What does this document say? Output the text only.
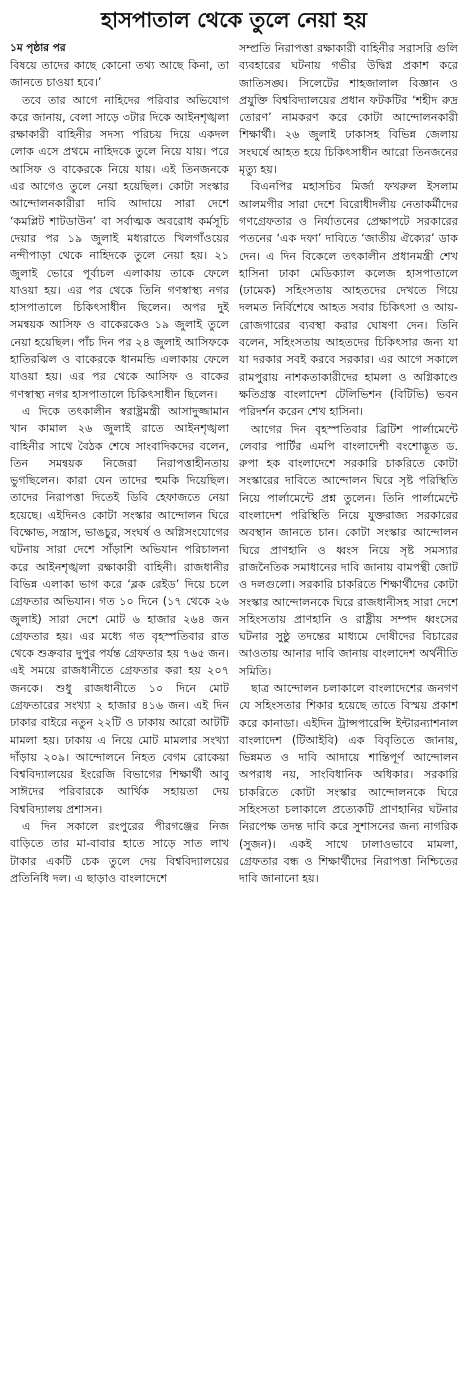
হাসপাতাল থেকে তুলে নেয়া হয়
১ম পৃষ্ঠার পর

বিষয়ে তাদের কাছে কোনো তথ্য আছে কিনা, তা জানতে চাওয়া হবে।’

তবে তার আগে নাহিদের পরিবার অভিযোগ করে জানায়, বেলা সাড়ে ৩টার দিকে আইনশৃঙ্খলা রক্ষাকারী বাহিনীর সদস্য পরিচয় দিয়ে একদল লোক এসে প্রথমে নাহিদকে তুলে নিয়ে যায়। পরে আসিফ ও বাকেরকে নিয়ে যায়। এই তিনজনকে এর আগেও তুলে নেয়া হয়েছিল। কোটা সংস্কার আন্দোলনকারীরা দাবি আদায়ে সারা দেশে ‘কমপ্লিট শাটডাউন’ বা সর্বাত্মক অবরোধ কর্মসূচি দেয়ার পর ১৯ জুলাই মধ্যরাতে খিলগাঁওয়ের নন্দীপাড়া থেকে নাহিদকে তুলে নেয়া হয়। ২১ জুলাই ভোরে পূর্বাচল এলাকায় তাকে ফেলে যাওয়া হয়। এর পর থেকে তিনি গণস্বাস্থ্য নগর হাসপাতালে চিকিৎসাধীন ছিলেন। অপর দুই সমন্বয়ক আসিফ ও বাকেরকেও ১৯ জুলাই তুলে নেয়া হয়েছিল। পাঁচ দিন পর ২৪ জুলাই আসিফকে হাতিরঝিল ও বাকেরকে ধানমন্ডি এলাকায় ফেলে যাওয়া হয়। এর পর থেকে আসিফ ও বাকের গণস্বাস্থ্য নগর হাসপাতালে চিকিৎসাধীন ছিলেন।

এ দিকে তৎকালীন স্বরাষ্ট্রমন্ত্রী আসাদুজ্জামান খান কামাল ২৬ জুলাই রাতে আইনশৃঙ্খলা বাহিনীর সাথে বৈঠক শেষে সাংবাদিকদের বলেন, তিন সমন্বয়ক নিজেরা নিরাপত্তাহীনতায় ভুগছিলেন। কারা যেন তাদের হুমকি দিয়েছিল। তাদের নিরাপত্তা দিতেই ডিবি হেফাজতে নেয়া হয়েছে। এইদিনও কোটা সংস্কার আন্দোলন ঘিরে বিক্ষোভ, সন্ত্রাস, ভাঙচুর, সংঘর্ষ ও অগ্নিসংযোগের ঘটনায় সারা দেশে সাঁড়াশি অভিযান পরিচালনা করে আইনশৃঙ্খলা রক্ষাকারী বাহিনী। রাজধানীর বিভিন্ন এলাকা ভাগ করে ‘ব্লক রেইড’ দিয়ে চলে গ্রেফতার অভিযান। গত ১০ দিনে (১৭ থেকে ২৬ জুলাই) সারা দেশে মোট ৬ হাজার ২৬৪ জন গ্রেফতার হয়। এর মধ্যে গত বৃহস্পতিবার রাত থেকে শুক্রবার দুপুর পর্যন্ত গ্রেফতার হয় ৭৬৫ জন। এই সময়ে রাজধানীতে গ্রেফতার করা হয় ২০৭ জনকে। শুধু রাজধানীতে ১০ দিনে মোট গ্রেফতারের সংখ্যা ২ হাজার ৪১৬ জন। এই দিন ঢাকার বাইরে নতুন ২২টি ও ঢাকায় আরো আটটি মামলা হয়। ঢাকায় এ নিয়ে মোট মামলার সংখ্যা দাঁড়ায় ২০৯। আন্দোলনে নিহত বেগম রোকেয়া বিশ্ববিদ্যালয়ের ইংরেজি বিভাগের শিক্ষার্থী আবু সাঈদের পরিবারকে আর্থিক সহায়তা দেয় বিশ্ববিদ্যালয় প্রশাসন।

এ দিন সকালে রংপুরের পীরগঞ্জের নিজ বাড়িতে তার মা-বাবার হাতে সাড়ে সাত লাখ টাকার একটি চেক তুলে দেয় বিশ্ববিদ্যালয়ের প্রতিনিধি দল। এ ছাড়াও বাংলাদেশে

সম্প্রতি নিরাপত্তা রক্ষাকারী বাহিনীর সরাসরি গুলি ব্যবহারের ঘটনায় গভীর উদ্বিগ্ন প্রকাশ করে জাতিসঙ্ঘ। সিলেটের শাহজালাল বিজ্ঞান ও প্রযুক্তি বিশ্ববিদ্যালয়ের প্রধান ফটকটির ‘শহীদ রুদ্র তোরণ’ নামকরণ করে কোটা আন্দোলনকারী শিক্ষার্থী। ২৬ জুলাই ঢাকাসহ বিভিন্ন জেলায় সংঘর্ষে আহত হয়ে চিকিৎসাধীন আরো তিনজনের মৃত্যু হয়।

বিএনপির মহাসচিব মির্জা ফখরুল ইসলাম আলমগীর সারা দেশে বিরোধীদলীয় নেতাকর্মীদের গণগ্রেফতার ও নির্যাতনের প্রেক্ষাপটে সরকারের পতনের ‘এক দফা’ দাবিতে ‘জাতীয় ঐক্যের’ ডাক দেন। এ দিন বিকেলে তৎকালীন প্রধানমন্ত্রী শেখ হাসিনা ঢাকা মেডিক্যাল কলেজ হাসপাতালে (ঢামেক) সহিংসতায় আহতদের দেখতে গিয়ে দলমত নির্বিশেষে আহত সবার চিকিৎসা ও আয়-রোজগারের ব্যবস্থা করার ঘোষণা দেন। তিনি বলেন, সহিংসতায় আহতদের চিকিৎসার জন্য যা যা দরকার সবই করবে সরকার। এর আগে সকালে রামপুরায় নাশকতাকারীদের হামলা ও অগ্নিকাণ্ডে ক্ষতিগ্রস্ত বাংলাদেশ টেলিভিশন (বিটিভি) ভবন পরিদর্শন করেন শেখ হাসিনা।

আগের দিন বৃহস্পতিবার ব্রিটিশ পার্লামেন্টে লেবার পার্টির এমপি বাংলাদেশী বংশোদ্ভূত ড. রুপা হক বাংলাদেশে সরকারি চাকরিতে কোটা সংস্কারের দাবিতে আন্দোলন ঘিরে সৃষ্ট পরিস্থিতি নিয়ে পার্লামেন্টে প্রশ্ন তুলেন। তিনি পার্লামেন্টে বাংলাদেশ পরিস্থিতি নিয়ে যুক্তরাজ্য সরকারের অবস্থান জানতে চান। কোটা সংস্কার আন্দোলন ঘিরে প্রাণহানি ও ধ্বংস নিয়ে সৃষ্ট সমস্যার রাজনৈতিক সমাধানের দাবি জানায় বামপন্থী জোট ও দলগুলো। সরকারি চাকরিতে শিক্ষার্থীদের কোটা সংস্কার আন্দোলনকে ঘিরে রাজধানীসহ সারা দেশে সহিংসতায় প্রাণহানি ও রাষ্ট্রীয় সম্পদ ধ্বংসের ঘটনার সুষ্ঠু তদন্তের মাধ্যমে দোষীদের বিচারের আওতায় আনার দাবি জানায় বাংলাদেশ অর্থনীতি সমিতি।

ছাত্র আন্দোলন চলাকালে বাংলাদেশের জনগণ যে সহিংসতার শিকার হয়েছে তাতে বিস্ময় প্রকাশ করে কানাডা। এইদিন ট্রান্সপারেন্সি ইন্টারন্যাশনাল বাংলাদেশ (টিআইবি) এক বিবৃতিতে জানায়, ভিন্নমত ও দাবি আদায়ে শান্তিপূর্ণ আন্দোলন অপরাধ নয়, সাংবিধানিক অধিকার। সরকারি চাকরিতে কোটা সংস্কার আন্দোলনকে ঘিরে সহিংসতা চলাকালে প্রত্যেকটি প্রাণহানির ঘটনার নিরপেক্ষ তদন্ত দাবি করে সুশাসনের জন্য নাগরিক (সুজন)। একই সাথে ঢালাওভাবে মামলা, গ্রেফতার বন্ধ ও শিক্ষার্থীদের নিরাপত্তা নিশ্চিতের দাবি জানানো হয়।
